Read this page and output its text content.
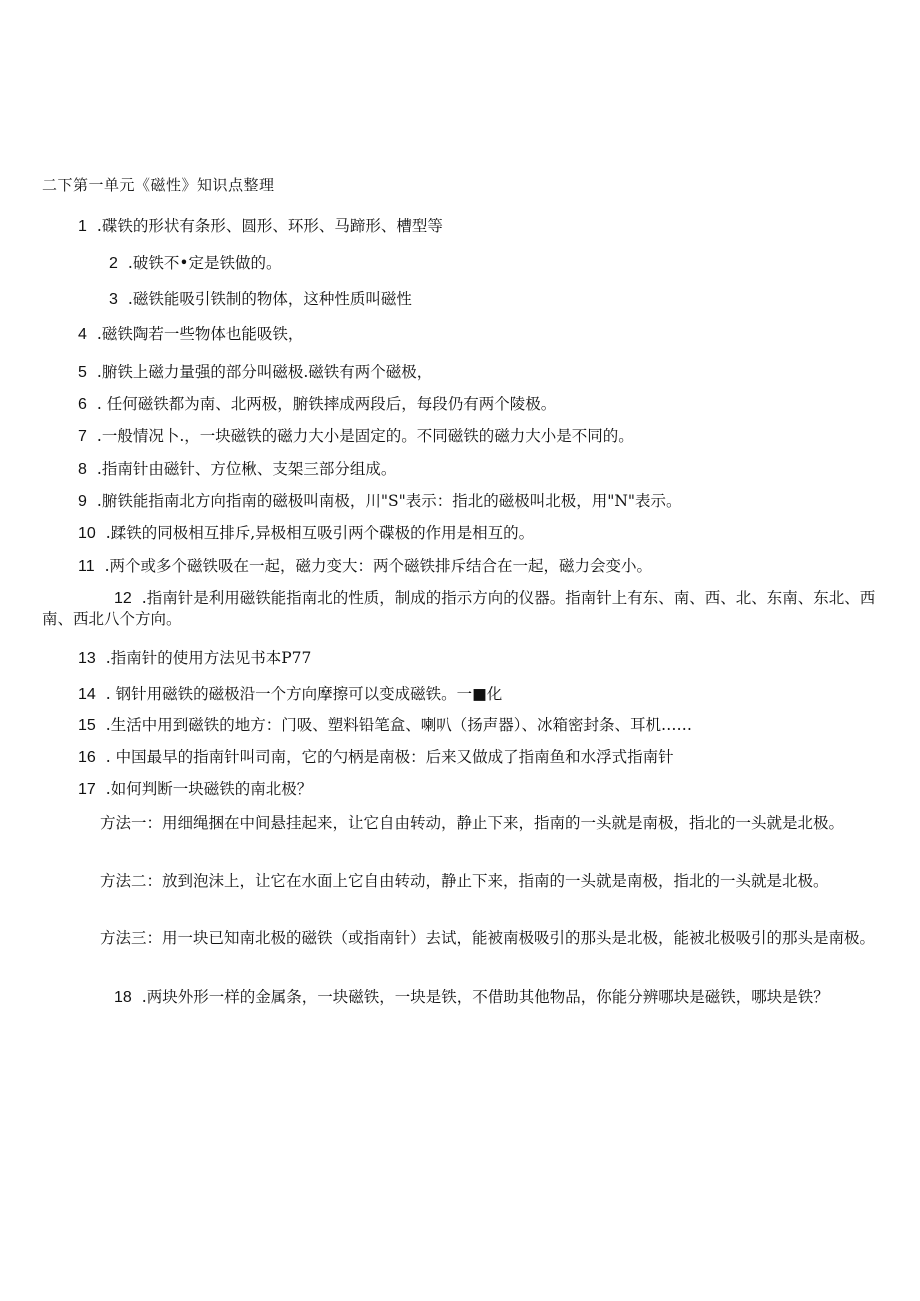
二下第一单元《磁性》知识点整理
1 .碟铁的形状有条形、圆形、环形、马蹄形、槽型等
2 .破铁不•定是铁做的。
3 .磁铁能吸引铁制的物体，这种性质叫磁性
4 .磁铁陶若一些物体也能吸铁，
5 .腑铁上磁力量强的部分叫磁极.磁铁有两个磁极，
6 . 任何磁铁都为南、北两极，腑铁摔成两段后，每段仍有两个陵极。
7 .一般情况卜.，一块磁铁的磁力大小是固定的。不同磁铁的磁力大小是不同的。
8 .指南针由磁针、方位楸、支架三部分组成。
9 .腑铁能指南北方向指南的磁极叫南极，川"S"表示：指北的磁极叫北极，用"N"表示。
10 .蹂铁的同极相互排斥,异极相互吸引两个碟极的作用是相互的。
11 .两个或多个磁铁吸在一起，磁力变大：两个磁铁排斥结合在一起，磁力会变小。
12 .指南针是利用磁铁能指南北的性质，制成的指示方向的仪器。指南针上有东、南、西、北、东南、东北、西南、西北八个方向。
13 .指南针的使用方法见书本P77
14 . 钢针用磁铁的磁极沿一个方向摩擦可以变成磁铁。一■化
15 .生活中用到磁铁的地方：门吸、塑料铅笔盒、喇叭（扬声器）、冰箱密封条、耳机……
16 . 中国最早的指南针叫司南，它的勺柄是南极：后来又做成了指南鱼和水浮式指南针
17 .如何判断一块磁铁的南北极？
方法一：用细绳捆在中间悬挂起来，让它自由转动，静止下来，指南的一头就是南极，指北的一头就是北极。
方法二：放到泡沫上，让它在水面上它自由转动，静止下来，指南的一头就是南极，指北的一头就是北极。
方法三：用一块已知南北极的磁铁（或指南针）去试，能被南极吸引的那头是北极，能被北极吸引的那头是南极。
18 .两块外形一样的金属条，一块磁铁，一块是铁，不借助其他物品，你能分辨哪块是磁铁，哪块是铁？
